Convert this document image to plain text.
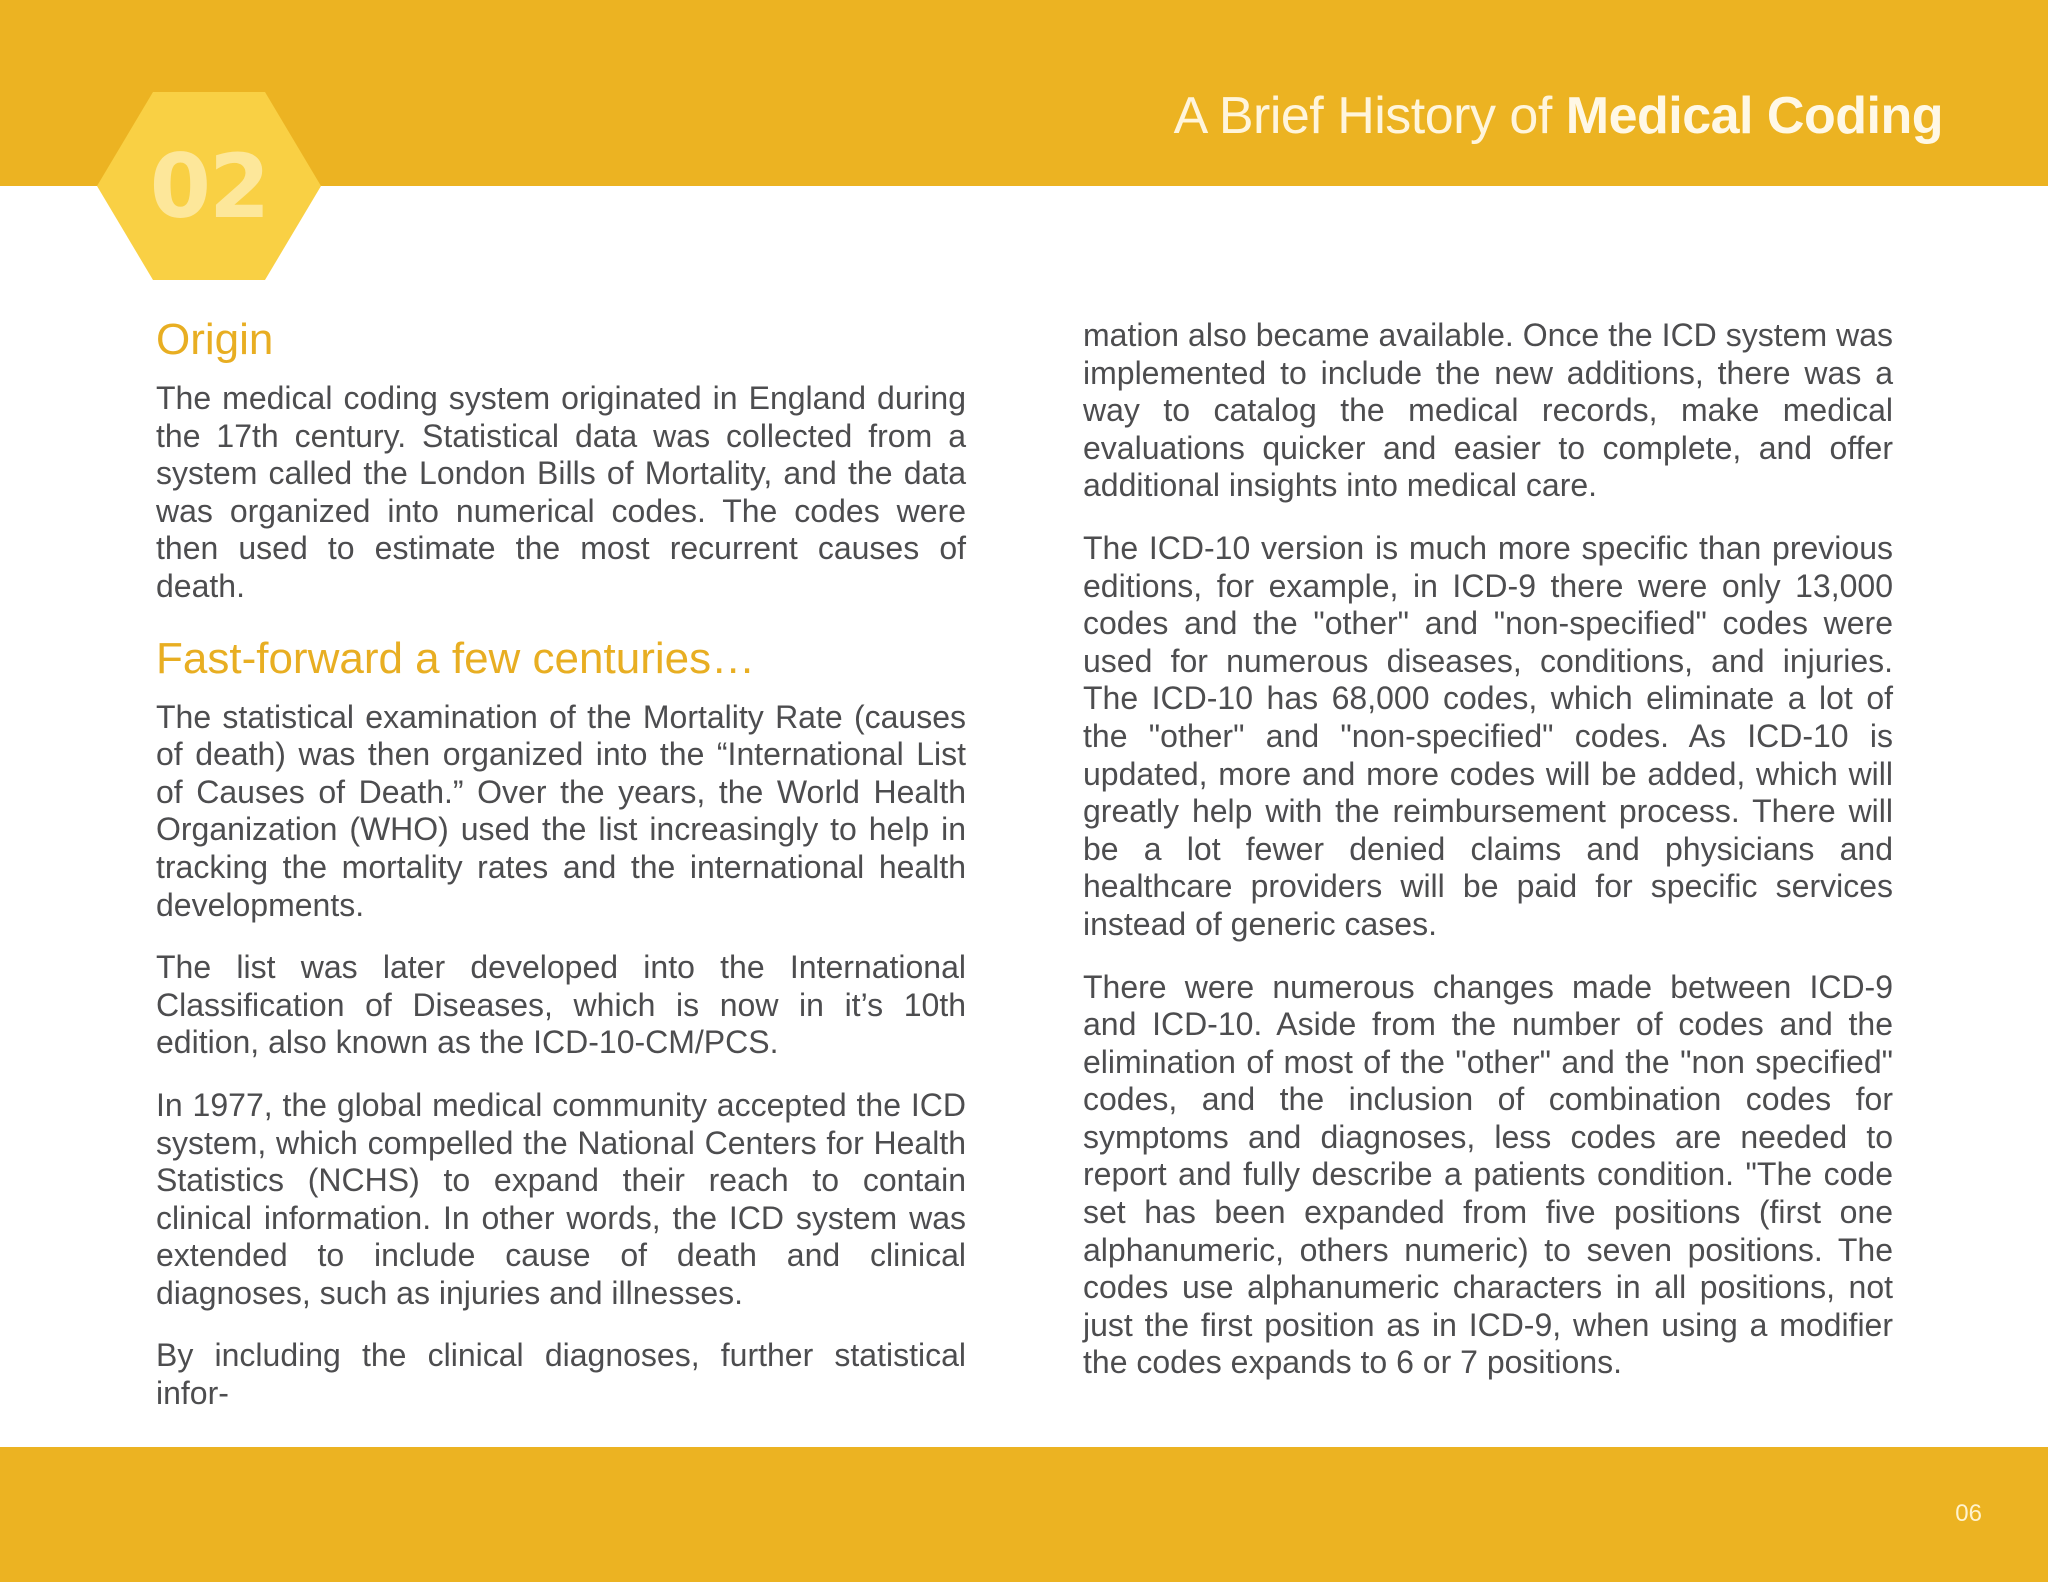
A Brief History of Medical Coding
02
Origin

The medical coding system originated in England during the 17th century. Statistical data was collected from a system called the London Bills of Mortality, and the data was organized into numerical codes. The codes were then used to estimate the most recurrent causes of death.

Fast-forward a few centuries…

The statistical examination of the Mortality Rate (causes of death) was then organized into the “International List of Causes of Death.” Over the years, the World Health Organization (WHO) used the list increasingly to help in tracking the mortality rates and the international health developments.

The list was later developed into the International Classification of Diseases, which is now in it’s 10th edition, also known as the ICD-10-CM/PCS.

In 1977, the global medical community accepted the ICD system, which compelled the National Centers for Health Statistics (NCHS) to expand their reach to contain clinical information. In other words, the ICD system was extended to include cause of death and clinical diagnoses, such as injuries and illnesses.

By including the clinical diagnoses, further statistical infor-

mation also became available. Once the ICD system was implemented to include the new additions, there was a way to catalog the medical records, make medical evaluations quicker and easier to complete, and offer additional insights into medical care.

The ICD-10 version is much more specific than previous editions, for example, in ICD-9 there were only 13,000 codes and the "other" and "non-specified" codes were used for numerous diseases, conditions, and injuries. The ICD-10 has 68,000 codes, which eliminate a lot of the "other" and "non-specified" codes. As ICD-10 is updated, more and more codes will be added, which will greatly help with the reimbursement process. There will be a lot fewer denied claims and physicians and healthcare providers will be paid for specific services instead of generic cases.

There were numerous changes made between ICD-9 and ICD-10. Aside from the number of codes and the elimination of most of the "other" and the "non specified" codes, and the inclusion of combination codes for symptoms and diagnoses, less codes are needed to report and fully describe a patients condition. "The code set has been expanded from five positions (first one alphanumeric, others numeric) to seven positions. The codes use alphanumeric characters in all positions, not just the first position as in ICD-9, when using a modifier the codes expands to 6 or 7 positions.

06
